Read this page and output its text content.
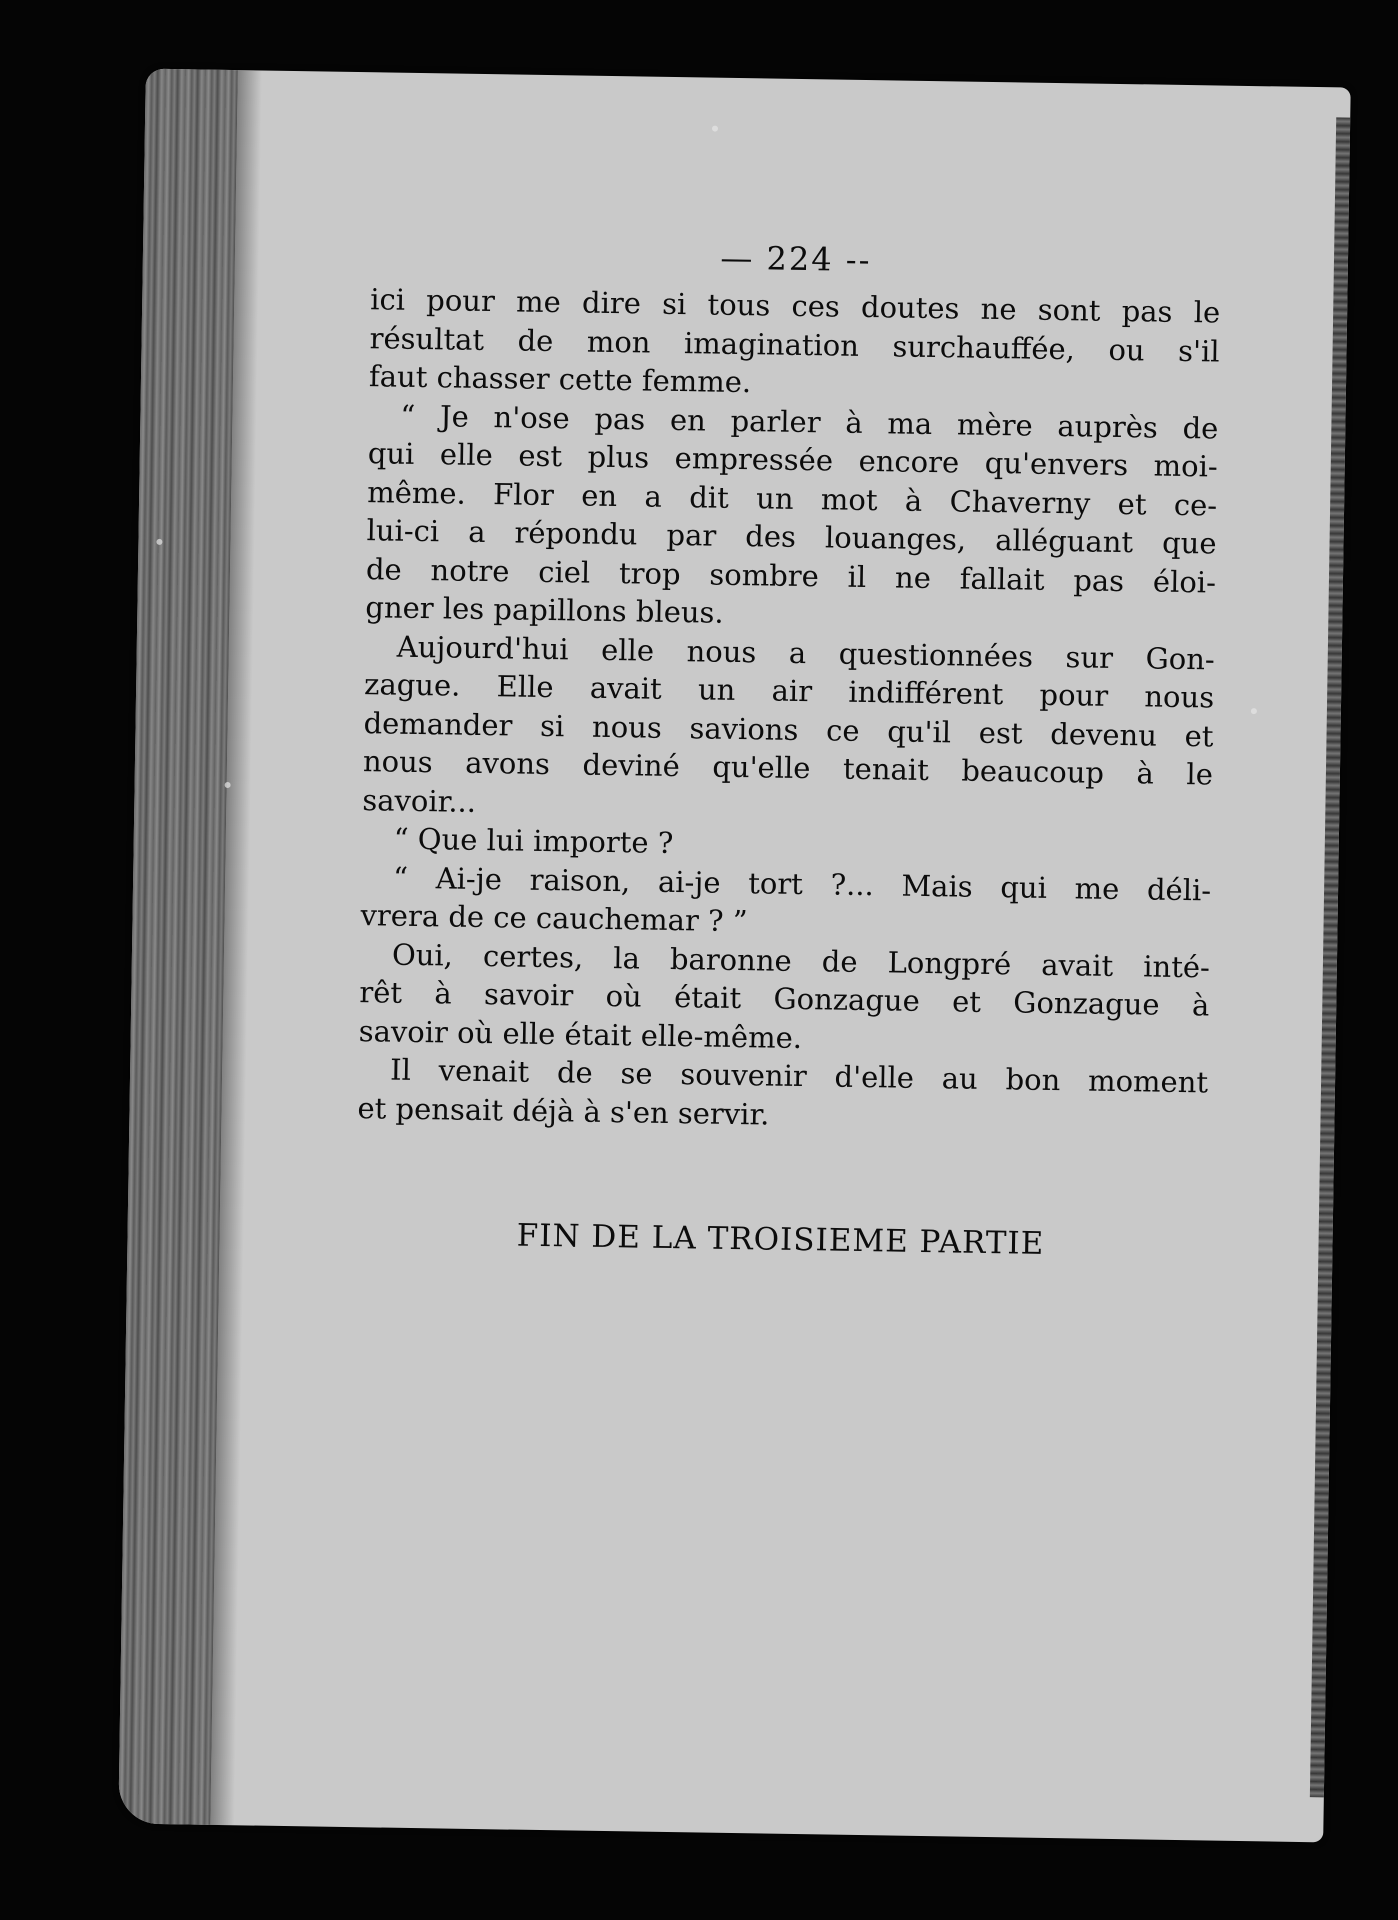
— 224 --
ici pour me dire si tous ces doutes ne sont pas le
résultat de mon imagination surchauffée, ou s'il
faut chasser cette femme.
“ Je n'ose pas en parler à ma mère auprès de
qui elle est plus empressée encore qu'envers moi-
même. Flor en a dit un mot à Chaverny et ce-
lui-ci a répondu par des louanges, alléguant que
de notre ciel trop sombre il ne fallait pas éloi-
gner les papillons bleus.
Aujourd'hui elle nous a questionnées sur Gon-
zague. Elle avait un air indifférent pour nous
demander si nous savions ce qu'il est devenu et
nous avons deviné qu'elle tenait beaucoup à le
savoir...
“ Que lui importe ?
“ Ai-je raison, ai-je tort ?... Mais qui me déli-
vrera de ce cauchemar ? ”
Oui, certes, la baronne de Longpré avait inté-
rêt à savoir où était Gonzague et Gonzague à
savoir où elle était elle-même.
Il venait de se souvenir d'elle au bon moment
et pensait déjà à s'en servir.
FIN DE LA TROISIEME PARTIE
